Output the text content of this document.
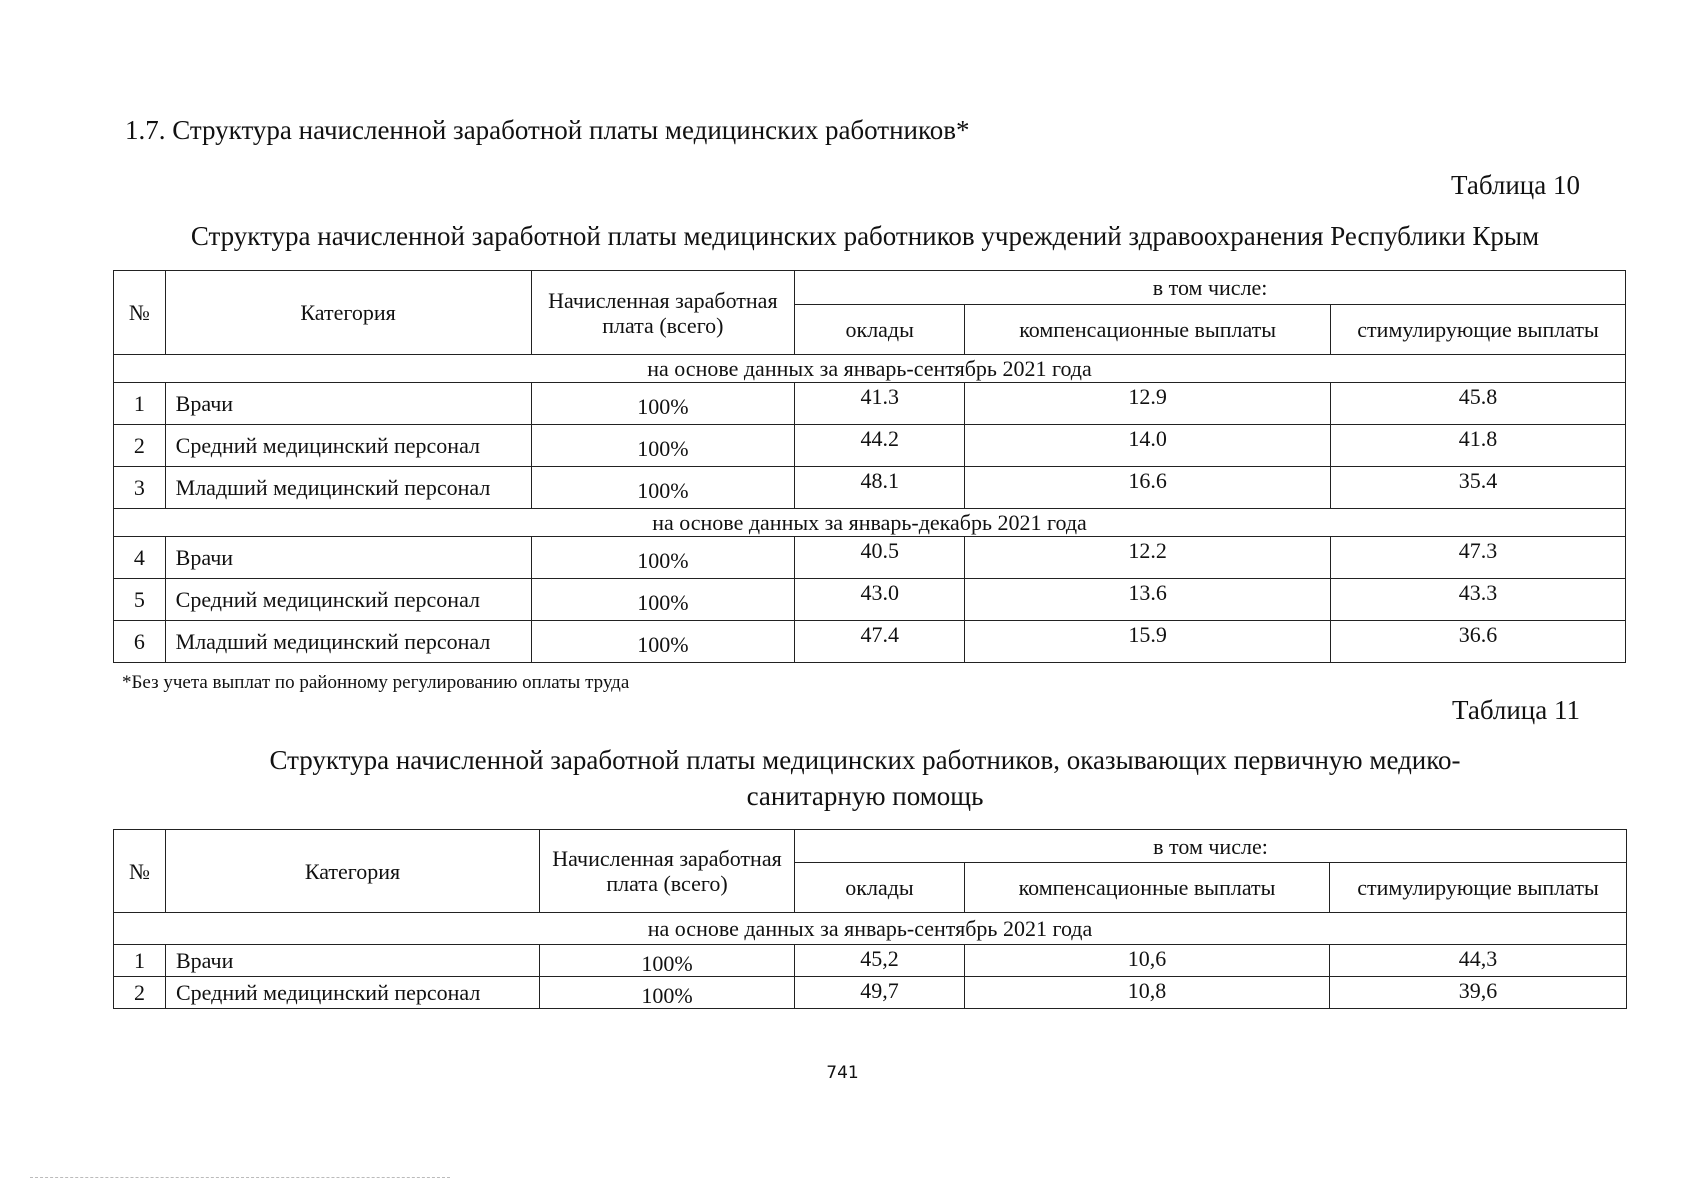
1.7. Структура начисленной заработной платы медицинских работников*
Таблица 10
Структура начисленной заработной платы медицинских работников учреждений здравоохранения Республики Крым
№	Категория	Начисленная заработная плата (всего)	в том числе:		
			оклады	компенсационные выплаты	стимулирующие выплаты
на основе данных за январь-сентябрь 2021 года					
1	Врачи	100%	41.3	12.9	45.8
2	Средний медицинский персонал	100%	44.2	14.0	41.8
3	Младший медицинский персонал	100%	48.1	16.6	35.4
на основе данных за январь-декабрь 2021 года					
4	Врачи	100%	40.5	12.2	47.3
5	Средний медицинский персонал	100%	43.0	13.6	43.3
6	Младший медицинский персонал	100%	47.4	15.9	36.6
*Без учета выплат по районному регулированию оплаты труда
Таблица 11
Структура начисленной заработной платы медицинских работников, оказывающих первичную медико-санитарную помощь
№	Категория	Начисленная заработная плата (всего)	в том числе:		
			оклады	компенсационные выплаты	стимулирующие выплаты
на основе данных за январь-сентябрь 2021 года					
1	Врачи	100%	45,2	10,6	44,3
2	Средний медицинский персонал	100%	49,7	10,8	39,6
741
